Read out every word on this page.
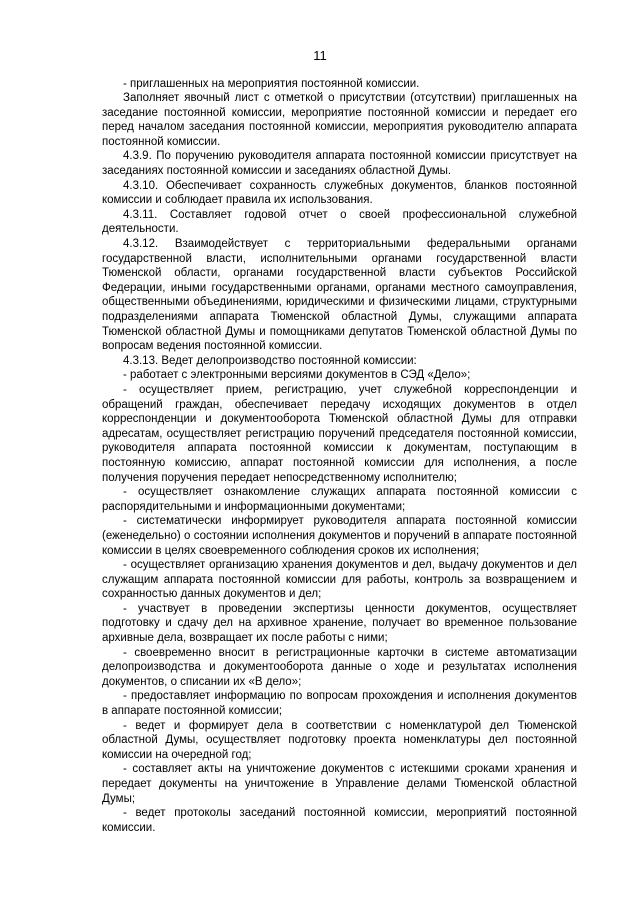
11

- приглашенных на мероприятия постоянной комиссии.

Заполняет явочный лист с отметкой о присутствии (отсутствии) приглашенных на заседание постоянной комиссии, мероприятие постоянной комиссии и передает его перед началом заседания постоянной комиссии, мероприятия руководителю аппарата постоянной комиссии.

4.3.9. По поручению руководителя аппарата постоянной комиссии присутствует на заседаниях постоянной комиссии и заседаниях областной Думы.

4.3.10. Обеспечивает сохранность служебных документов, бланков постоянной комиссии и соблюдает правила их использования.

4.3.11. Составляет годовой отчет о своей профессиональной служебной деятельности.

4.3.12. Взаимодействует с территориальными федеральными органами государственной власти, исполнительными органами государственной власти Тюменской области, органами государственной власти субъектов Российской Федерации, иными государственными органами, органами местного самоуправления, общественными объединениями, юридическими и физическими лицами, структурными подразделениями аппарата Тюменской областной Думы, служащими аппарата Тюменской областной Думы и помощниками депутатов Тюменской областной Думы по вопросам ведения постоянной комиссии.

4.3.13. Ведет делопроизводство постоянной комиссии:

- работает с электронными версиями документов в СЭД «Дело»;

- осуществляет прием, регистрацию, учет служебной корреспонденции и обращений граждан, обеспечивает передачу исходящих документов в отдел корреспонденции и документооборота Тюменской областной Думы для отправки адресатам, осуществляет регистрацию поручений председателя постоянной комиссии, руководителя аппарата постоянной комиссии к документам, поступающим в постоянную комиссию, аппарат постоянной комиссии для исполнения, а после получения поручения передает непосредственному исполнителю;

- осуществляет ознакомление служащих аппарата постоянной комиссии с распорядительными и информационными документами;

- систематически информирует руководителя аппарата постоянной комиссии (еженедельно) о состоянии исполнения документов и поручений в аппарате постоянной комиссии в целях своевременного соблюдения сроков их исполнения;

- осуществляет организацию хранения документов и дел, выдачу документов и дел служащим аппарата постоянной комиссии для работы, контроль за возвращением и сохранностью данных документов и дел;

- участвует в проведении экспертизы ценности документов, осуществляет подготовку и сдачу дел на архивное хранение, получает во временное пользование архивные дела, возвращает их после работы с ними;

- своевременно вносит в регистрационные карточки в системе автоматизации делопроизводства и документооборота данные о ходе и результатах исполнения документов, о списании их «В дело»;

- предоставляет информацию по вопросам прохождения и исполнения документов в аппарате постоянной комиссии;

- ведет и формирует дела в соответствии с номенклатурой дел Тюменской областной Думы, осуществляет подготовку проекта номенклатуры дел постоянной комиссии на очередной год;

- составляет акты на уничтожение документов с истекшими сроками хранения и передает документы на уничтожение в Управление делами Тюменской областной Думы;

- ведет протоколы заседаний постоянной комиссии, мероприятий постоянной комиссии.
